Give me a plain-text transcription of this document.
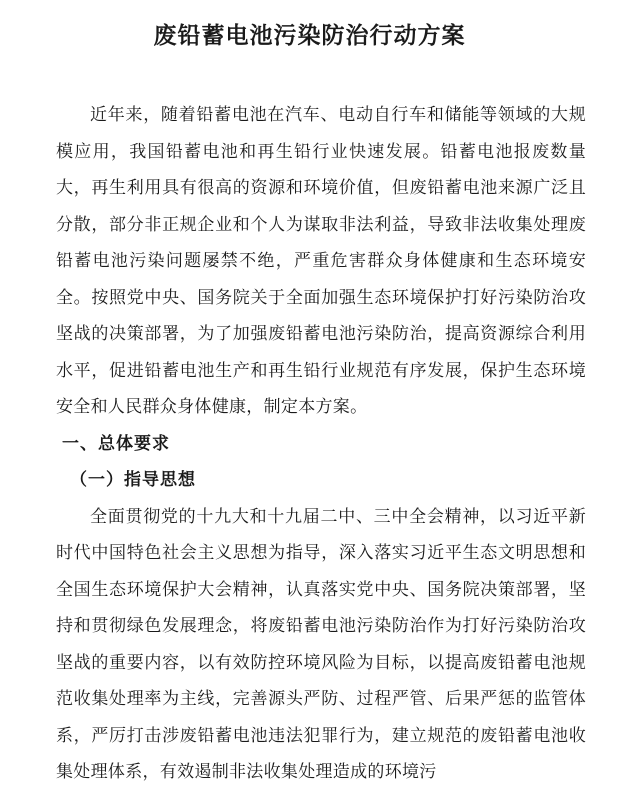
废铅蓄电池污染防治行动方案

近年来，随着铅蓄电池在汽车、电动自行车和储能等领域的大规模应用，我国铅蓄电池和再生铅行业快速发展。铅蓄电池报废数量大，再生利用具有很高的资源和环境价值，但废铅蓄电池来源广泛且分散，部分非正规企业和个人为谋取非法利益，导致非法收集处理废铅蓄电池污染问题屡禁不绝，严重危害群众身体健康和生态环境安全。按照党中央、国务院关于全面加强生态环境保护打好污染防治攻坚战的决策部署，为了加强废铅蓄电池污染防治，提高资源综合利用水平，促进铅蓄电池生产和再生铅行业规范有序发展，保护生态环境安全和人民群众身体健康，制定本方案。

一、总体要求

（一）指导思想

全面贯彻党的十九大和十九届二中、三中全会精神，以习近平新时代中国特色社会主义思想为指导，深入落实习近平生态文明思想和全国生态环境保护大会精神，认真落实党中央、国务院决策部署，坚持和贯彻绿色发展理念，将废铅蓄电池污染防治作为打好污染防治攻坚战的重要内容，以有效防控环境风险为目标，以提高废铅蓄电池规范收集处理率为主线，完善源头严防、过程严管、后果严惩的监管体系，严厉打击涉废铅蓄电池违法犯罪行为，建立规范的废铅蓄电池收集处理体系，有效遏制非法收集处理造成的环境污
